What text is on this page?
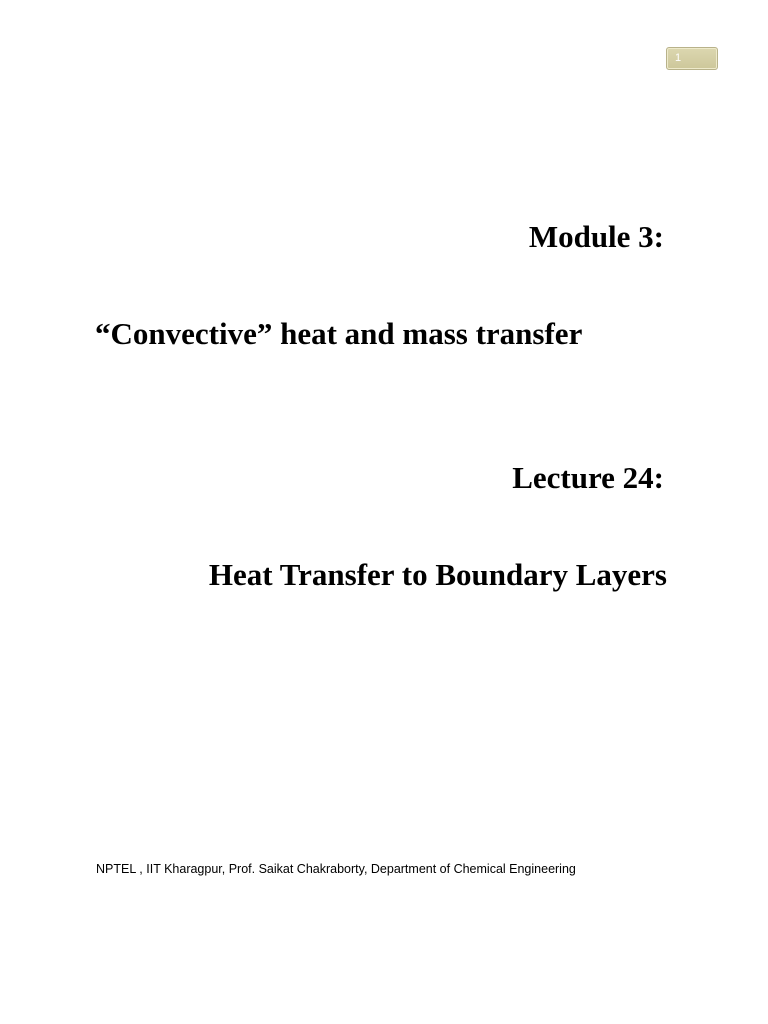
1
Module 3:
“Convective” heat and mass transfer
Lecture 24:
Heat Transfer to Boundary Layers
NPTEL , IIT Kharagpur, Prof. Saikat Chakraborty, Department of Chemical Engineering
